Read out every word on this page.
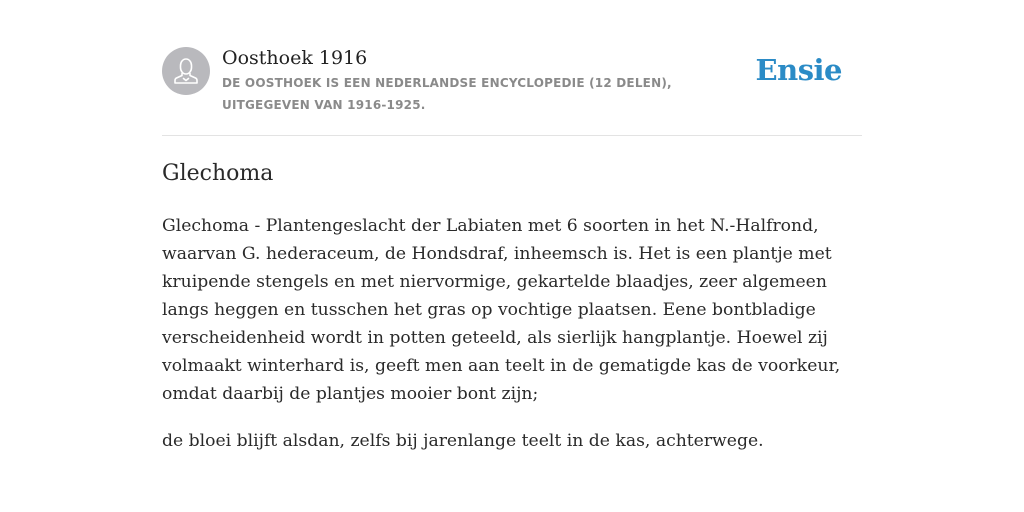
Oosthoek 1916
DE OOSTHOEK IS EEN NEDERLANDSE ENCYCLOPEDIE (12 DELEN), UITGEGEVEN VAN 1916-1925.
Ensie
Glechoma

Glechoma - Plantengeslacht der Labiaten met 6 soorten in het N.-Halfrond, waarvan G. hederaceum, de Hondsdraf, inheemsch is. Het is een plantje met kruipende stengels en met niervormige, gekartelde blaadjes, zeer algemeen langs heggen en tusschen het gras op vochtige plaatsen. Eene bontbladige verscheidenheid wordt in potten geteeld, als sierlijk hangplantje. Hoewel zij volmaakt winterhard is, geeft men aan teelt in de gematigde kas de voorkeur, omdat daarbij de plantjes mooier bont zijn;

de bloei blijft alsdan, zelfs bij jarenlange teelt in de kas, achterwege.
